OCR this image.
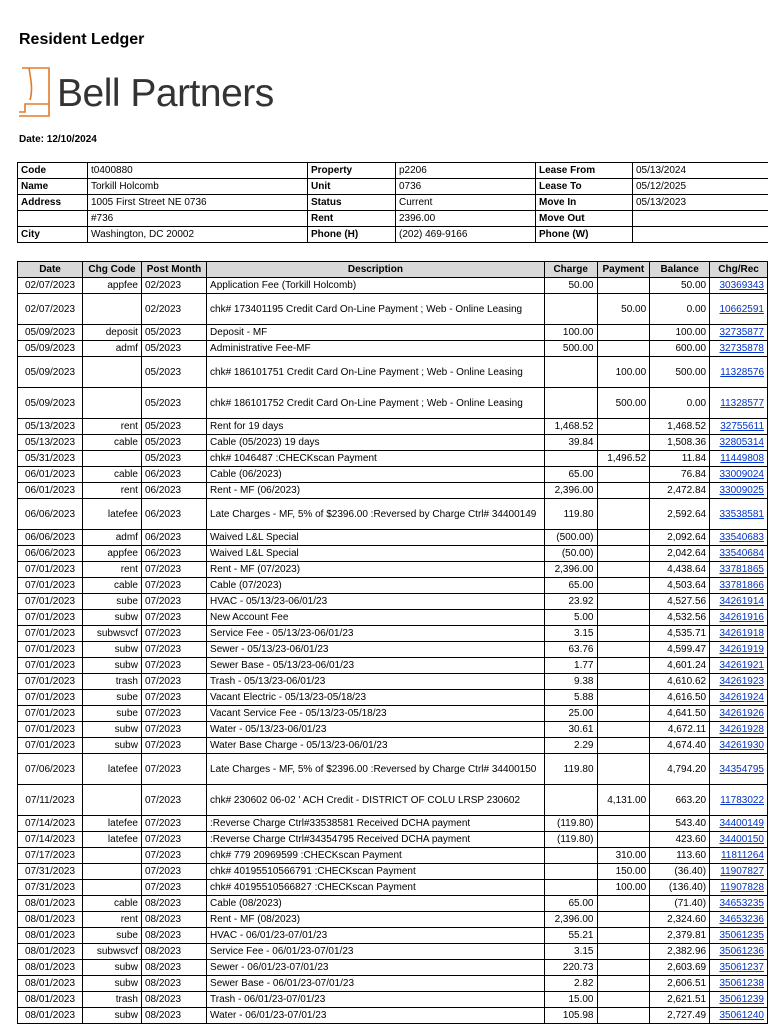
Resident Ledger
Bell Partners
Date: 12/10/2024
Code	t0400880	Property	p2206	Lease From	05/13/2024
Name	Torkill Holcomb	Unit	0736	Lease To	05/12/2025
Address	1005 First Street NE 0736	Status	Current	Move In	05/13/2023
	#736	Rent	2396.00	Move Out	
City	Washington, DC 20002	Phone (H)	(202) 469-9166	Phone (W)	
Date	Chg Code	Post Month	Description	Charge	Payment	Balance	Chg/Rec
02/07/2023	appfee	02/2023	Application Fee (Torkill Holcomb)	50.00		50.00	30369343
02/07/2023		02/2023	chk# 173401195 Credit Card On-Line Payment ; Web - Online Leasing		50.00	0.00	10662591
05/09/2023	deposit	05/2023	Deposit - MF	100.00		100.00	32735877
05/09/2023	admf	05/2023	Administrative Fee-MF	500.00		600.00	32735878
05/09/2023		05/2023	chk# 186101751 Credit Card On-Line Payment ; Web - Online Leasing		100.00	500.00	11328576
05/09/2023		05/2023	chk# 186101752 Credit Card On-Line Payment ; Web - Online Leasing		500.00	0.00	11328577
05/13/2023	rent	05/2023	Rent for 19 days	1,468.52		1,468.52	32755611
05/13/2023	cable	05/2023	Cable (05/2023) 19 days	39.84		1,508.36	32805314
05/31/2023		05/2023	chk# 1046487 :CHECKscan Payment		1,496.52	11.84	11449808
06/01/2023	cable	06/2023	Cable (06/2023)	65.00		76.84	33009024
06/01/2023	rent	06/2023	Rent - MF (06/2023)	2,396.00		2,472.84	33009025
06/06/2023	latefee	06/2023	Late Charges - MF, 5% of $2396.00 :Reversed by Charge Ctrl# 34400149	119.80		2,592.64	33538581
06/06/2023	admf	06/2023	Waived L&L Special	(500.00)		2,092.64	33540683
06/06/2023	appfee	06/2023	Waived L&L Special	(50.00)		2,042.64	33540684
07/01/2023	rent	07/2023	Rent - MF (07/2023)	2,396.00		4,438.64	33781865
07/01/2023	cable	07/2023	Cable (07/2023)	65.00		4,503.64	33781866
07/01/2023	sube	07/2023	HVAC - 05/13/23-06/01/23	23.92		4,527.56	34261914
07/01/2023	subw	07/2023	New Account Fee	5.00		4,532.56	34261916
07/01/2023	subwsvcf	07/2023	Service Fee - 05/13/23-06/01/23	3.15		4,535.71	34261918
07/01/2023	subw	07/2023	Sewer - 05/13/23-06/01/23	63.76		4,599.47	34261919
07/01/2023	subw	07/2023	Sewer Base - 05/13/23-06/01/23	1.77		4,601.24	34261921
07/01/2023	trash	07/2023	Trash - 05/13/23-06/01/23	9.38		4,610.62	34261923
07/01/2023	sube	07/2023	Vacant Electric - 05/13/23-05/18/23	5.88		4,616.50	34261924
07/01/2023	sube	07/2023	Vacant Service Fee - 05/13/23-05/18/23	25.00		4,641.50	34261926
07/01/2023	subw	07/2023	Water - 05/13/23-06/01/23	30.61		4,672.11	34261928
07/01/2023	subw	07/2023	Water Base Charge - 05/13/23-06/01/23	2.29		4,674.40	34261930
07/06/2023	latefee	07/2023	Late Charges - MF, 5% of $2396.00 :Reversed by Charge Ctrl# 34400150	119.80		4,794.20	34354795
07/11/2023		07/2023	chk# 230602 06-02 ' ACH Credit - DISTRICT OF COLU LRSP 230602		4,131.00	663.20	11783022
07/14/2023	latefee	07/2023	:Reverse Charge Ctrl#33538581 Received DCHA payment	(119.80)		543.40	34400149
07/14/2023	latefee	07/2023	:Reverse Charge Ctrl#34354795 Received DCHA payment	(119.80)		423.60	34400150
07/17/2023		07/2023	chk# 779 20969599 :CHECKscan Payment		310.00	113.60	11811264
07/31/2023		07/2023	chk# 40195510566791 :CHECKscan Payment		150.00	(36.40)	11907827
07/31/2023		07/2023	chk# 40195510566827 :CHECKscan Payment		100.00	(136.40)	11907828
08/01/2023	cable	08/2023	Cable (08/2023)	65.00		(71.40)	34653235
08/01/2023	rent	08/2023	Rent - MF (08/2023)	2,396.00		2,324.60	34653236
08/01/2023	sube	08/2023	HVAC - 06/01/23-07/01/23	55.21		2,379.81	35061235
08/01/2023	subwsvcf	08/2023	Service Fee - 06/01/23-07/01/23	3.15		2,382.96	35061236
08/01/2023	subw	08/2023	Sewer - 06/01/23-07/01/23	220.73		2,603.69	35061237
08/01/2023	subw	08/2023	Sewer Base - 06/01/23-07/01/23	2.82		2,606.51	35061238
08/01/2023	trash	08/2023	Trash - 06/01/23-07/01/23	15.00		2,621.51	35061239
08/01/2023	subw	08/2023	Water - 06/01/23-07/01/23	105.98		2,727.49	35061240
